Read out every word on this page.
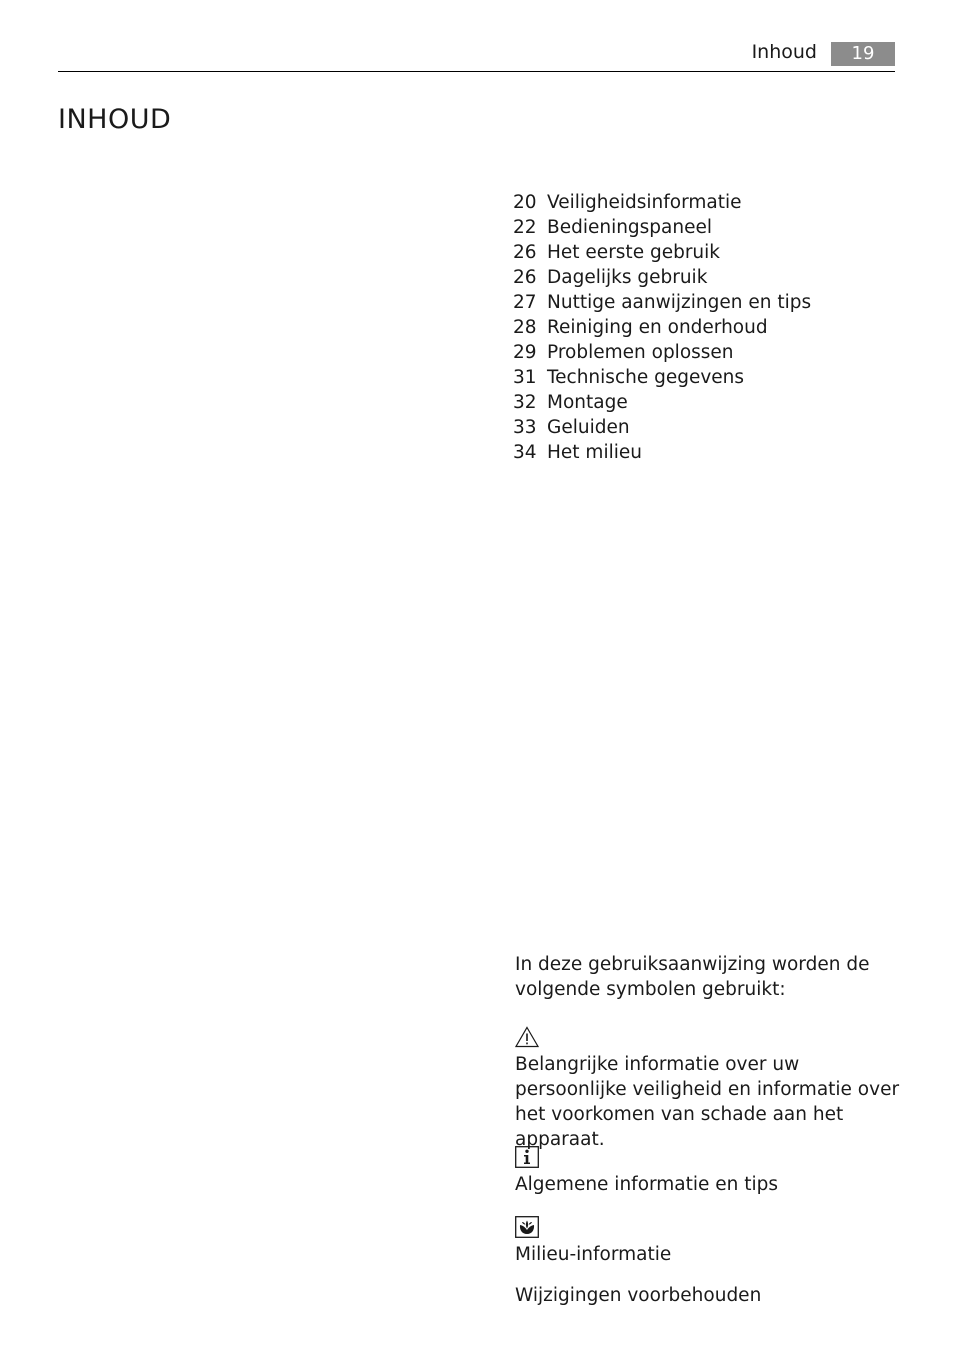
Inhoud	19
INHOUD
20 Veiligheidsinformatie
22 Bedieningspaneel
26 Het eerste gebruik
26 Dagelijks gebruik
27 Nuttige aanwijzingen en tips
28 Reiniging en onderhoud
29 Problemen oplossen
31 Technische gegevens
32 Montage
33 Geluiden
34 Het milieu

In deze gebruiksaanwijzing worden de volgende symbolen gebruikt:

Belangrijke informatie over uw persoonlijke veiligheid en informatie over het voorkomen van schade aan het apparaat.

Algemene informatie en tips

Milieu-informatie

Wijzigingen voorbehouden
